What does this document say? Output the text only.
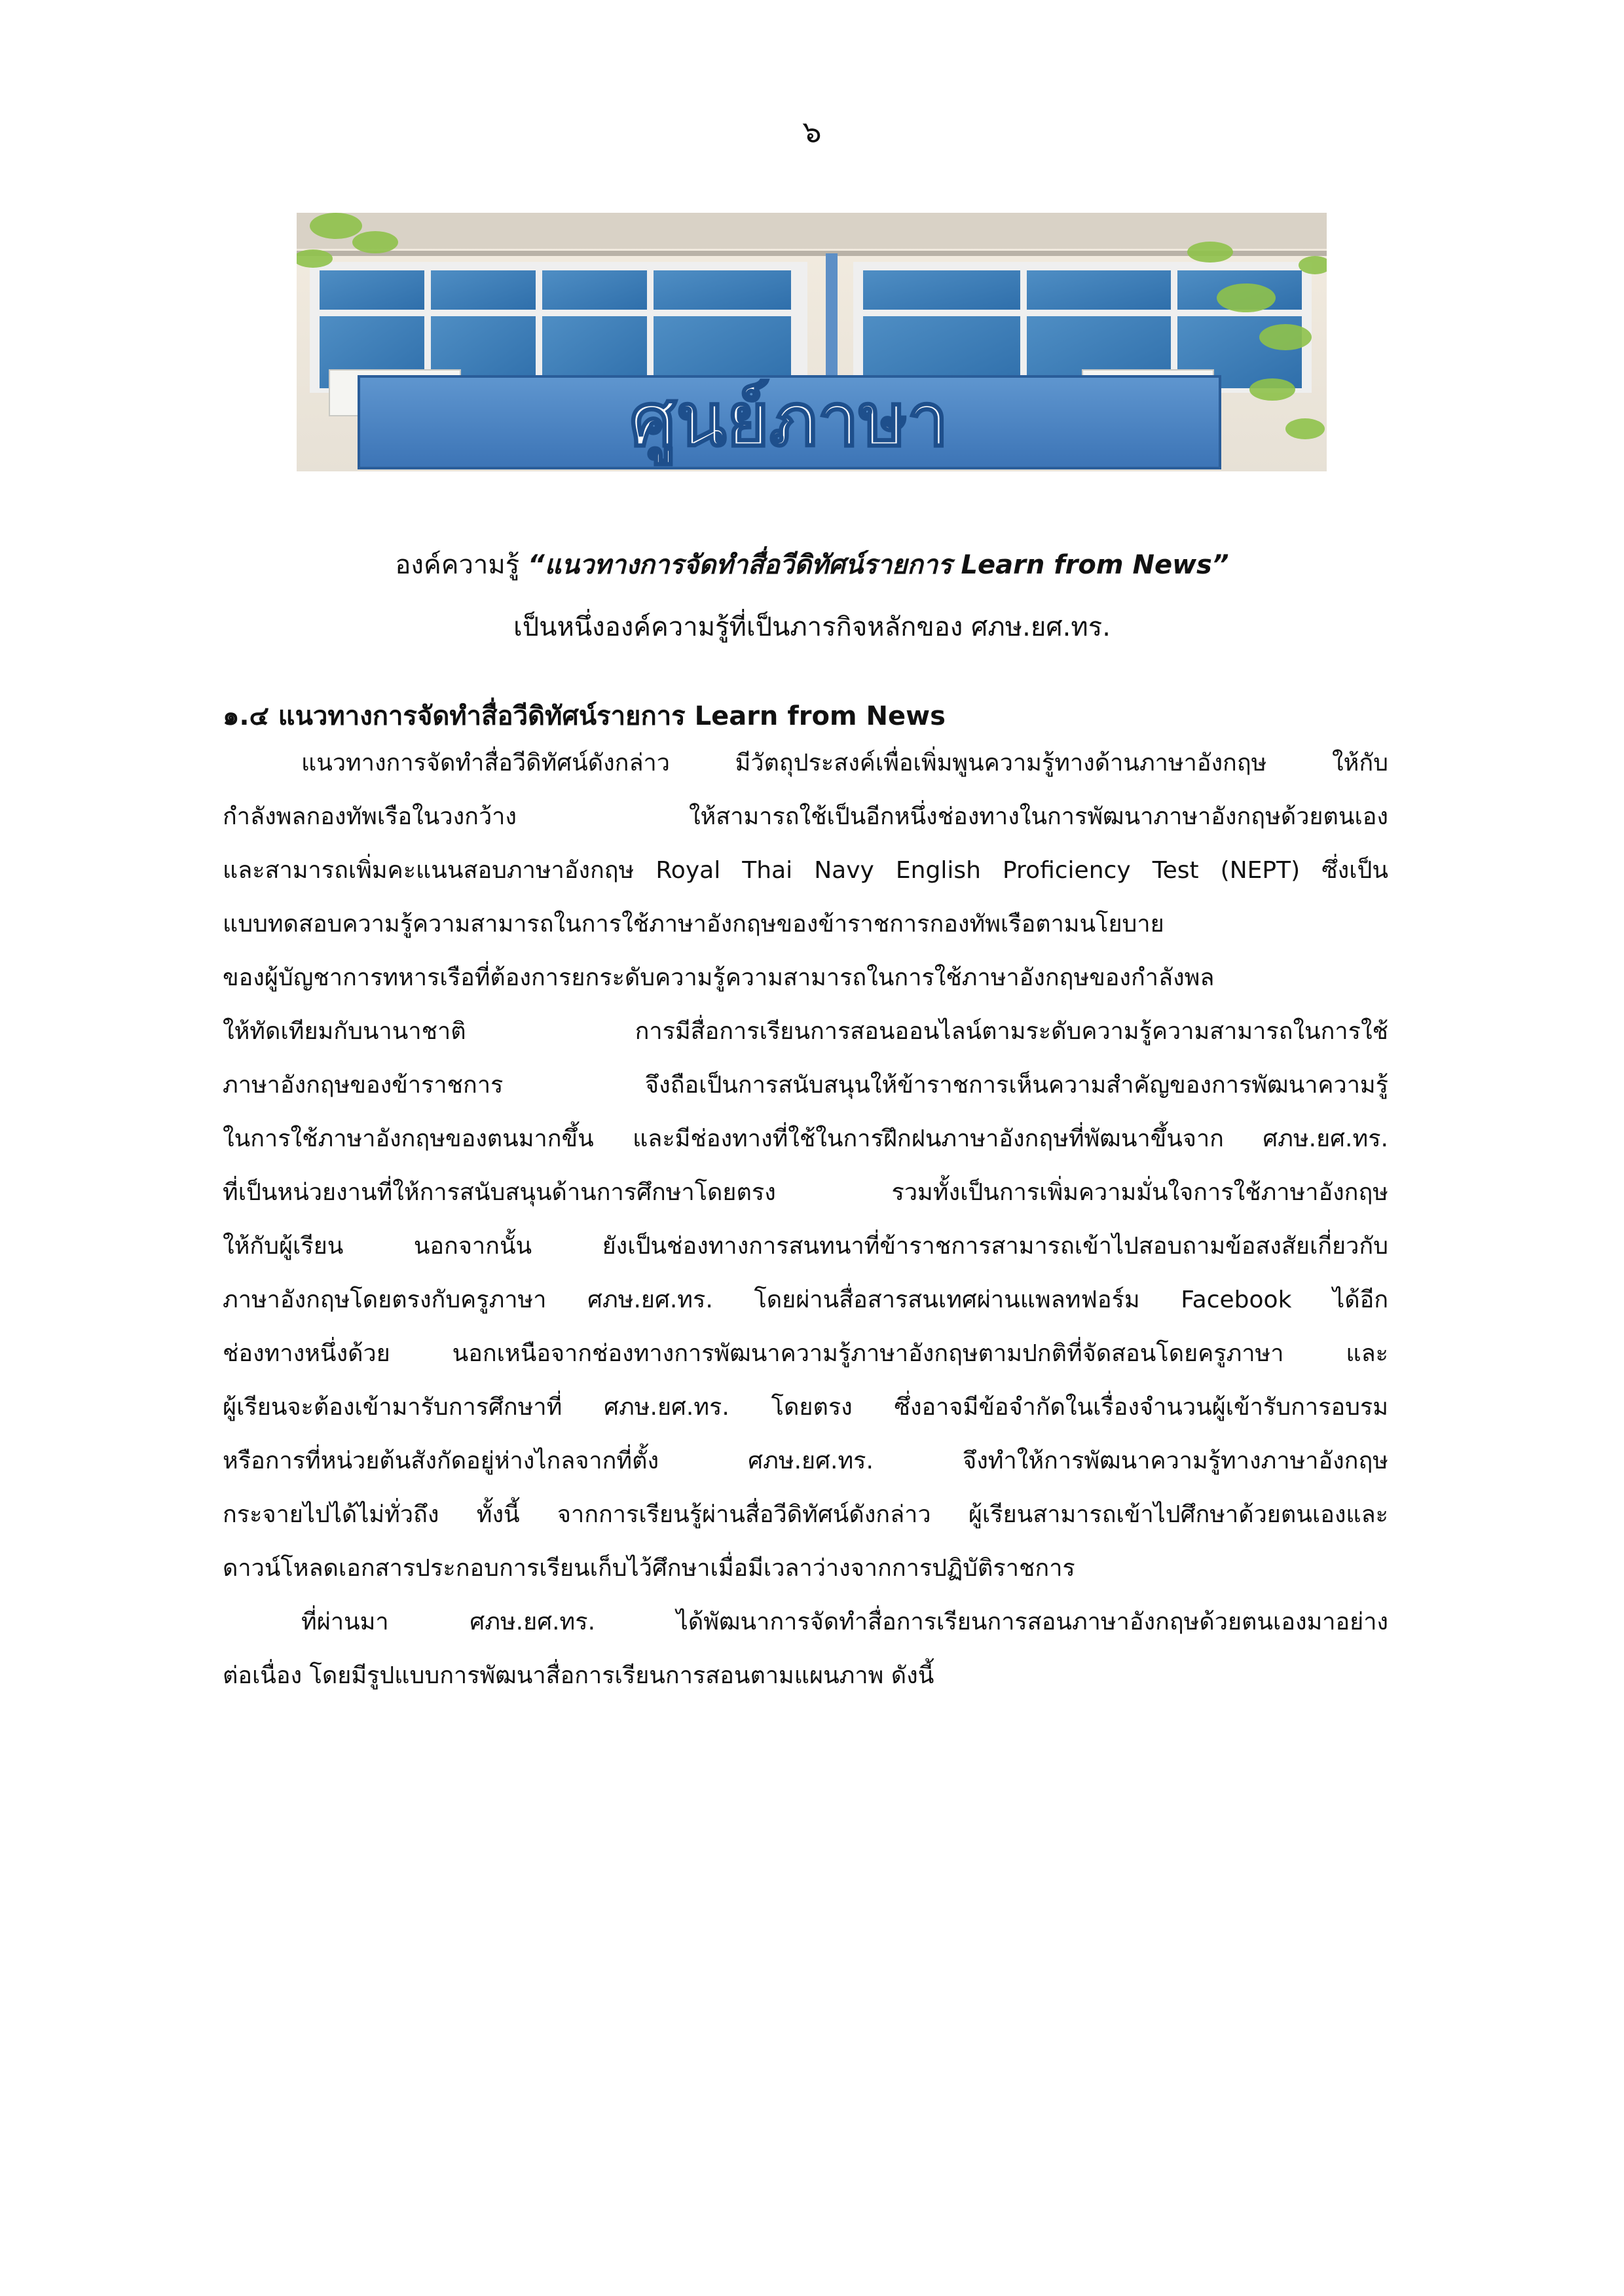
๖
ศูนย์ภาษา
องค์ความรู้ “แนวทางการจัดทำสื่อวีดิทัศน์รายการ Learn from News”
เป็นหนึ่งองค์ความรู้ที่เป็นภารกิจหลักของ ศภษ.ยศ.ทร.
๑.๔ แนวทางการจัดทำสื่อวีดิทัศน์รายการ Learn from News

แนวทางการจัดทำสื่อวีดิทัศน์ดังกล่าว มีวัตถุประสงค์เพื่อเพิ่มพูนความรู้ทางด้านภาษาอังกฤษ ให้กับ
กำลังพลกองทัพเรือในวงกว้าง ให้สามารถใช้เป็นอีกหนึ่งช่องทางในการพัฒนาภาษาอังกฤษด้วยตนเอง
และสามารถเพิ่มคะแนนสอบภาษาอังกฤษ Royal Thai Navy English Proficiency Test (NEPT) ซึ่งเป็น
แบบทดสอบความรู้ความสามารถในการใช้ภาษาอังกฤษของข้าราชการกองทัพเรือตามนโยบาย
ของผู้บัญชาการทหารเรือที่ต้องการยกระดับความรู้ความสามารถในการใช้ภาษาอังกฤษของกำลังพล
ให้ทัดเทียมกับนานาชาติ การมีสื่อการเรียนการสอนออนไลน์ตามระดับความรู้ความสามารถในการใช้
ภาษาอังกฤษของข้าราชการ จึงถือเป็นการสนับสนุนให้ข้าราชการเห็นความสำคัญของการพัฒนาความรู้
ในการใช้ภาษาอังกฤษของตนมากขึ้น และมีช่องทางที่ใช้ในการฝึกฝนภาษาอังกฤษที่พัฒนาขึ้นจาก ศภษ.ยศ.ทร.
ที่เป็นหน่วยงานที่ให้การสนับสนุนด้านการศึกษาโดยตรง รวมทั้งเป็นการเพิ่มความมั่นใจการใช้ภาษาอังกฤษ
ให้กับผู้เรียน นอกจากนั้น ยังเป็นช่องทางการสนทนาที่ข้าราชการสามารถเข้าไปสอบถามข้อสงสัยเกี่ยวกับ
ภาษาอังกฤษโดยตรงกับครูภาษา ศภษ.ยศ.ทร. โดยผ่านสื่อสารสนเทศผ่านแพลทฟอร์ม Facebook ได้อีก
ช่องทางหนึ่งด้วย นอกเหนือจากช่องทางการพัฒนาความรู้ภาษาอังกฤษตามปกติที่จัดสอนโดยครูภาษา และ
ผู้เรียนจะต้องเข้ามารับการศึกษาที่ ศภษ.ยศ.ทร. โดยตรง ซึ่งอาจมีข้อจำกัดในเรื่องจำนวนผู้เข้ารับการอบรม
หรือการที่หน่วยต้นสังกัดอยู่ห่างไกลจากที่ตั้ง ศภษ.ยศ.ทร. จึงทำให้การพัฒนาความรู้ทางภาษาอังกฤษ
กระจายไปได้ไม่ทั่วถึง ทั้งนี้ จากการเรียนรู้ผ่านสื่อวีดิทัศน์ดังกล่าว ผู้เรียนสามารถเข้าไปศึกษาด้วยตนเองและ
ดาวน์โหลดเอกสารประกอบการเรียนเก็บไว้ศึกษาเมื่อมีเวลาว่างจากการปฏิบัติราชการ

ที่ผ่านมา ศภษ.ยศ.ทร. ได้พัฒนาการจัดทำสื่อการเรียนการสอนภาษาอังกฤษด้วยตนเองมาอย่าง
ต่อเนื่อง โดยมีรูปแบบการพัฒนาสื่อการเรียนการสอนตามแผนภาพ ดังนี้
